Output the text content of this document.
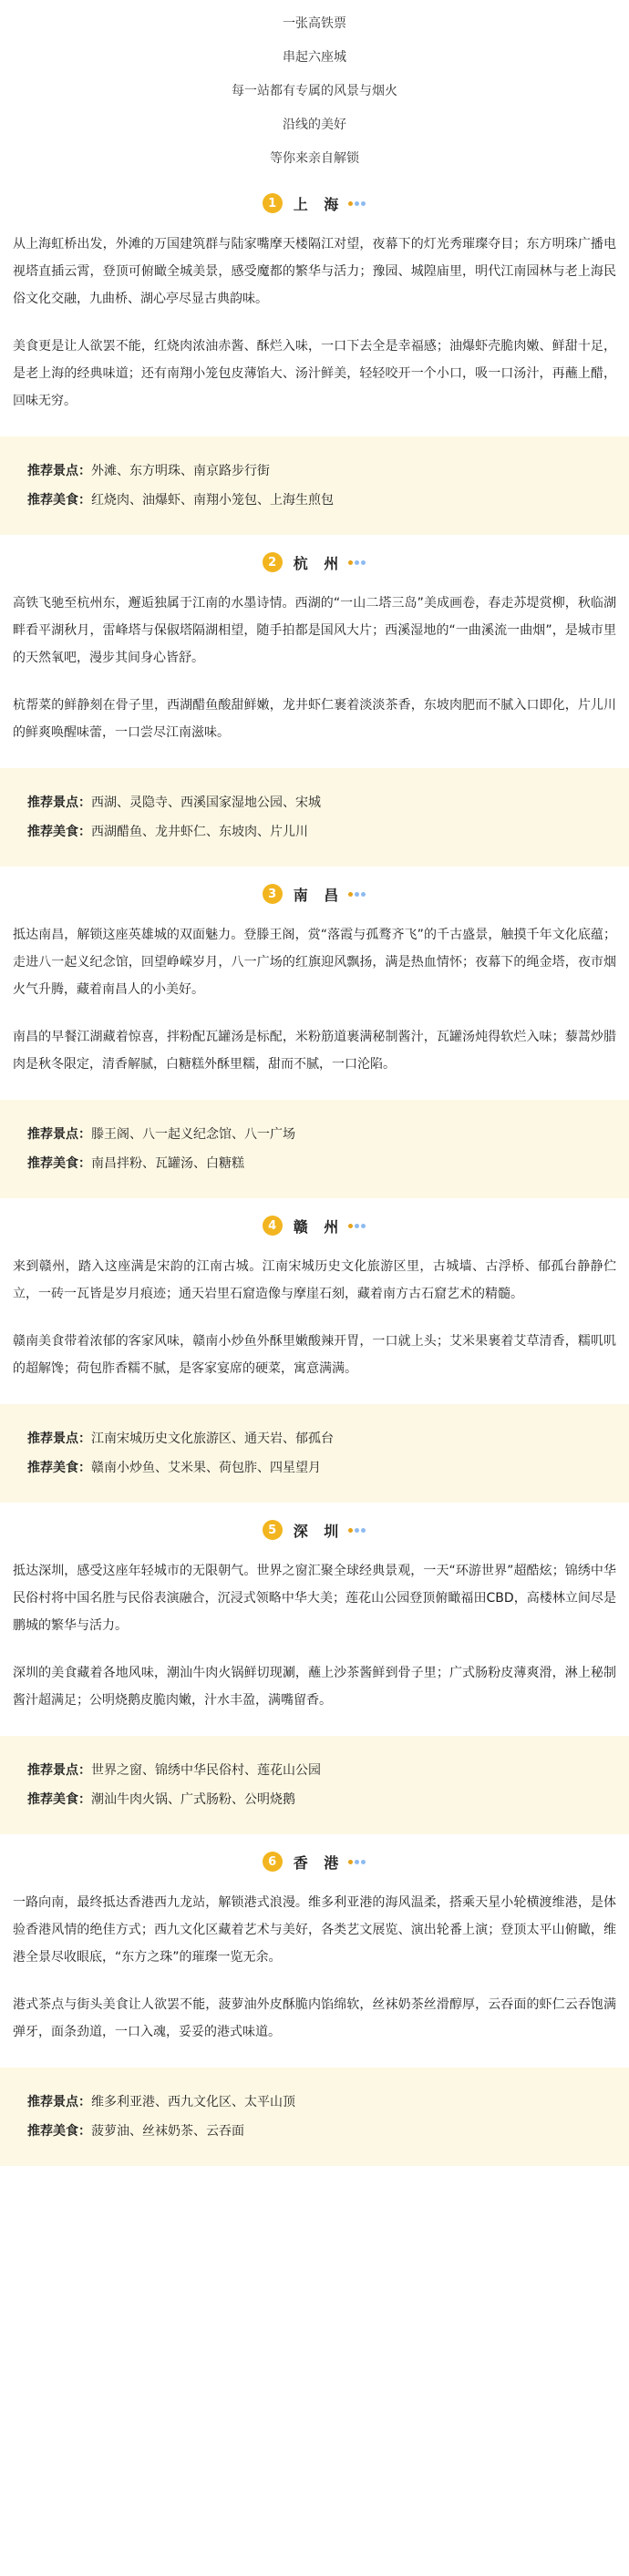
一张高铁票
串起六座城
每一站都有专属的风景与烟火
沿线的美好
等你来亲自解锁
1	上 海

从上海虹桥出发，外滩的万国建筑群与陆家嘴摩天楼隔江对望，夜幕下的灯光秀璀璨夺目；东方明珠广播电视塔直插云霄，登顶可俯瞰全城美景，感受魔都的繁华与活力；豫园、城隍庙里，明代江南园林与老上海民俗文化交融，九曲桥、湖心亭尽显古典韵味。

美食更是让人欲罢不能，红烧肉浓油赤酱、酥烂入味，一口下去全是幸福感；油爆虾壳脆肉嫩、鲜甜十足，是老上海的经典味道；还有南翔小笼包皮薄馅大、汤汁鲜美，轻轻咬开一个小口，吸一口汤汁，再蘸上醋，回味无穷。

推荐景点：外滩、东方明珠、南京路步行街
推荐美食：红烧肉、油爆虾、南翔小笼包、上海生煎包
2	杭 州

高铁飞驰至杭州东，邂逅独属于江南的水墨诗情。西湖的“一山二塔三岛”美成画卷，春走苏堤赏柳，秋临湖畔看平湖秋月，雷峰塔与保俶塔隔湖相望，随手拍都是国风大片；西溪湿地的“一曲溪流一曲烟”，是城市里的天然氧吧，漫步其间身心皆舒。

杭帮菜的鲜静刻在骨子里，西湖醋鱼酸甜鲜嫩，龙井虾仁裹着淡淡茶香，东坡肉肥而不腻入口即化，片儿川的鲜爽唤醒味蕾，一口尝尽江南滋味。

推荐景点：西湖、灵隐寺、西溪国家湿地公园、宋城
推荐美食：西湖醋鱼、龙井虾仁、东坡肉、片儿川
3	南 昌

抵达南昌，解锁这座英雄城的双面魅力。登滕王阁，赏“落霞与孤鹜齐飞”的千古盛景，触摸千年文化底蕴；走进八一起义纪念馆，回望峥嵘岁月，八一广场的红旗迎风飘扬，满是热血情怀；夜幕下的绳金塔，夜市烟火气升腾，藏着南昌人的小美好。

南昌的早餐江湖藏着惊喜，拌粉配瓦罐汤是标配，米粉筋道裹满秘制酱汁，瓦罐汤炖得软烂入味；藜蒿炒腊肉是秋冬限定，清香解腻，白糖糕外酥里糯，甜而不腻，一口沦陷。

推荐景点：滕王阁、八一起义纪念馆、八一广场
推荐美食：南昌拌粉、瓦罐汤、白糖糕
4	赣 州

来到赣州，踏入这座满是宋韵的江南古城。江南宋城历史文化旅游区里，古城墙、古浮桥、郁孤台静静伫立，一砖一瓦皆是岁月痕迹；通天岩里石窟造像与摩崖石刻，藏着南方古石窟艺术的精髓。

赣南美食带着浓郁的客家风味，赣南小炒鱼外酥里嫩酸辣开胃，一口就上头；艾米果裹着艾草清香，糯叽叽的超解馋；荷包胙香糯不腻，是客家宴席的硬菜，寓意满满。

推荐景点：江南宋城历史文化旅游区、通天岩、郁孤台
推荐美食：赣南小炒鱼、艾米果、荷包胙、四星望月
5	深 圳

抵达深圳，感受这座年轻城市的无限朝气。世界之窗汇聚全球经典景观，一天“环游世界”超酷炫；锦绣中华民俗村将中国名胜与民俗表演融合，沉浸式领略中华大美；莲花山公园登顶俯瞰福田CBD，高楼林立间尽是鹏城的繁华与活力。

深圳的美食藏着各地风味，潮汕牛肉火锅鲜切现涮，蘸上沙茶酱鲜到骨子里；广式肠粉皮薄爽滑，淋上秘制酱汁超满足；公明烧鹅皮脆肉嫩，汁水丰盈，满嘴留香。

推荐景点：世界之窗、锦绣中华民俗村、莲花山公园
推荐美食：潮汕牛肉火锅、广式肠粉、公明烧鹅
6	香 港

一路向南，最终抵达香港西九龙站，解锁港式浪漫。维多利亚港的海风温柔，搭乘天星小轮横渡维港，是体验香港风情的绝佳方式；西九文化区藏着艺术与美好，各类艺文展览、演出轮番上演；登顶太平山俯瞰，维港全景尽收眼底，“东方之珠”的璀璨一览无余。

港式茶点与街头美食让人欲罢不能，菠萝油外皮酥脆内馅绵软，丝袜奶茶丝滑醇厚，云吞面的虾仁云吞饱满弹牙，面条劲道，一口入魂，妥妥的港式味道。

推荐景点：维多利亚港、西九文化区、太平山顶
推荐美食：菠萝油、丝袜奶茶、云吞面
